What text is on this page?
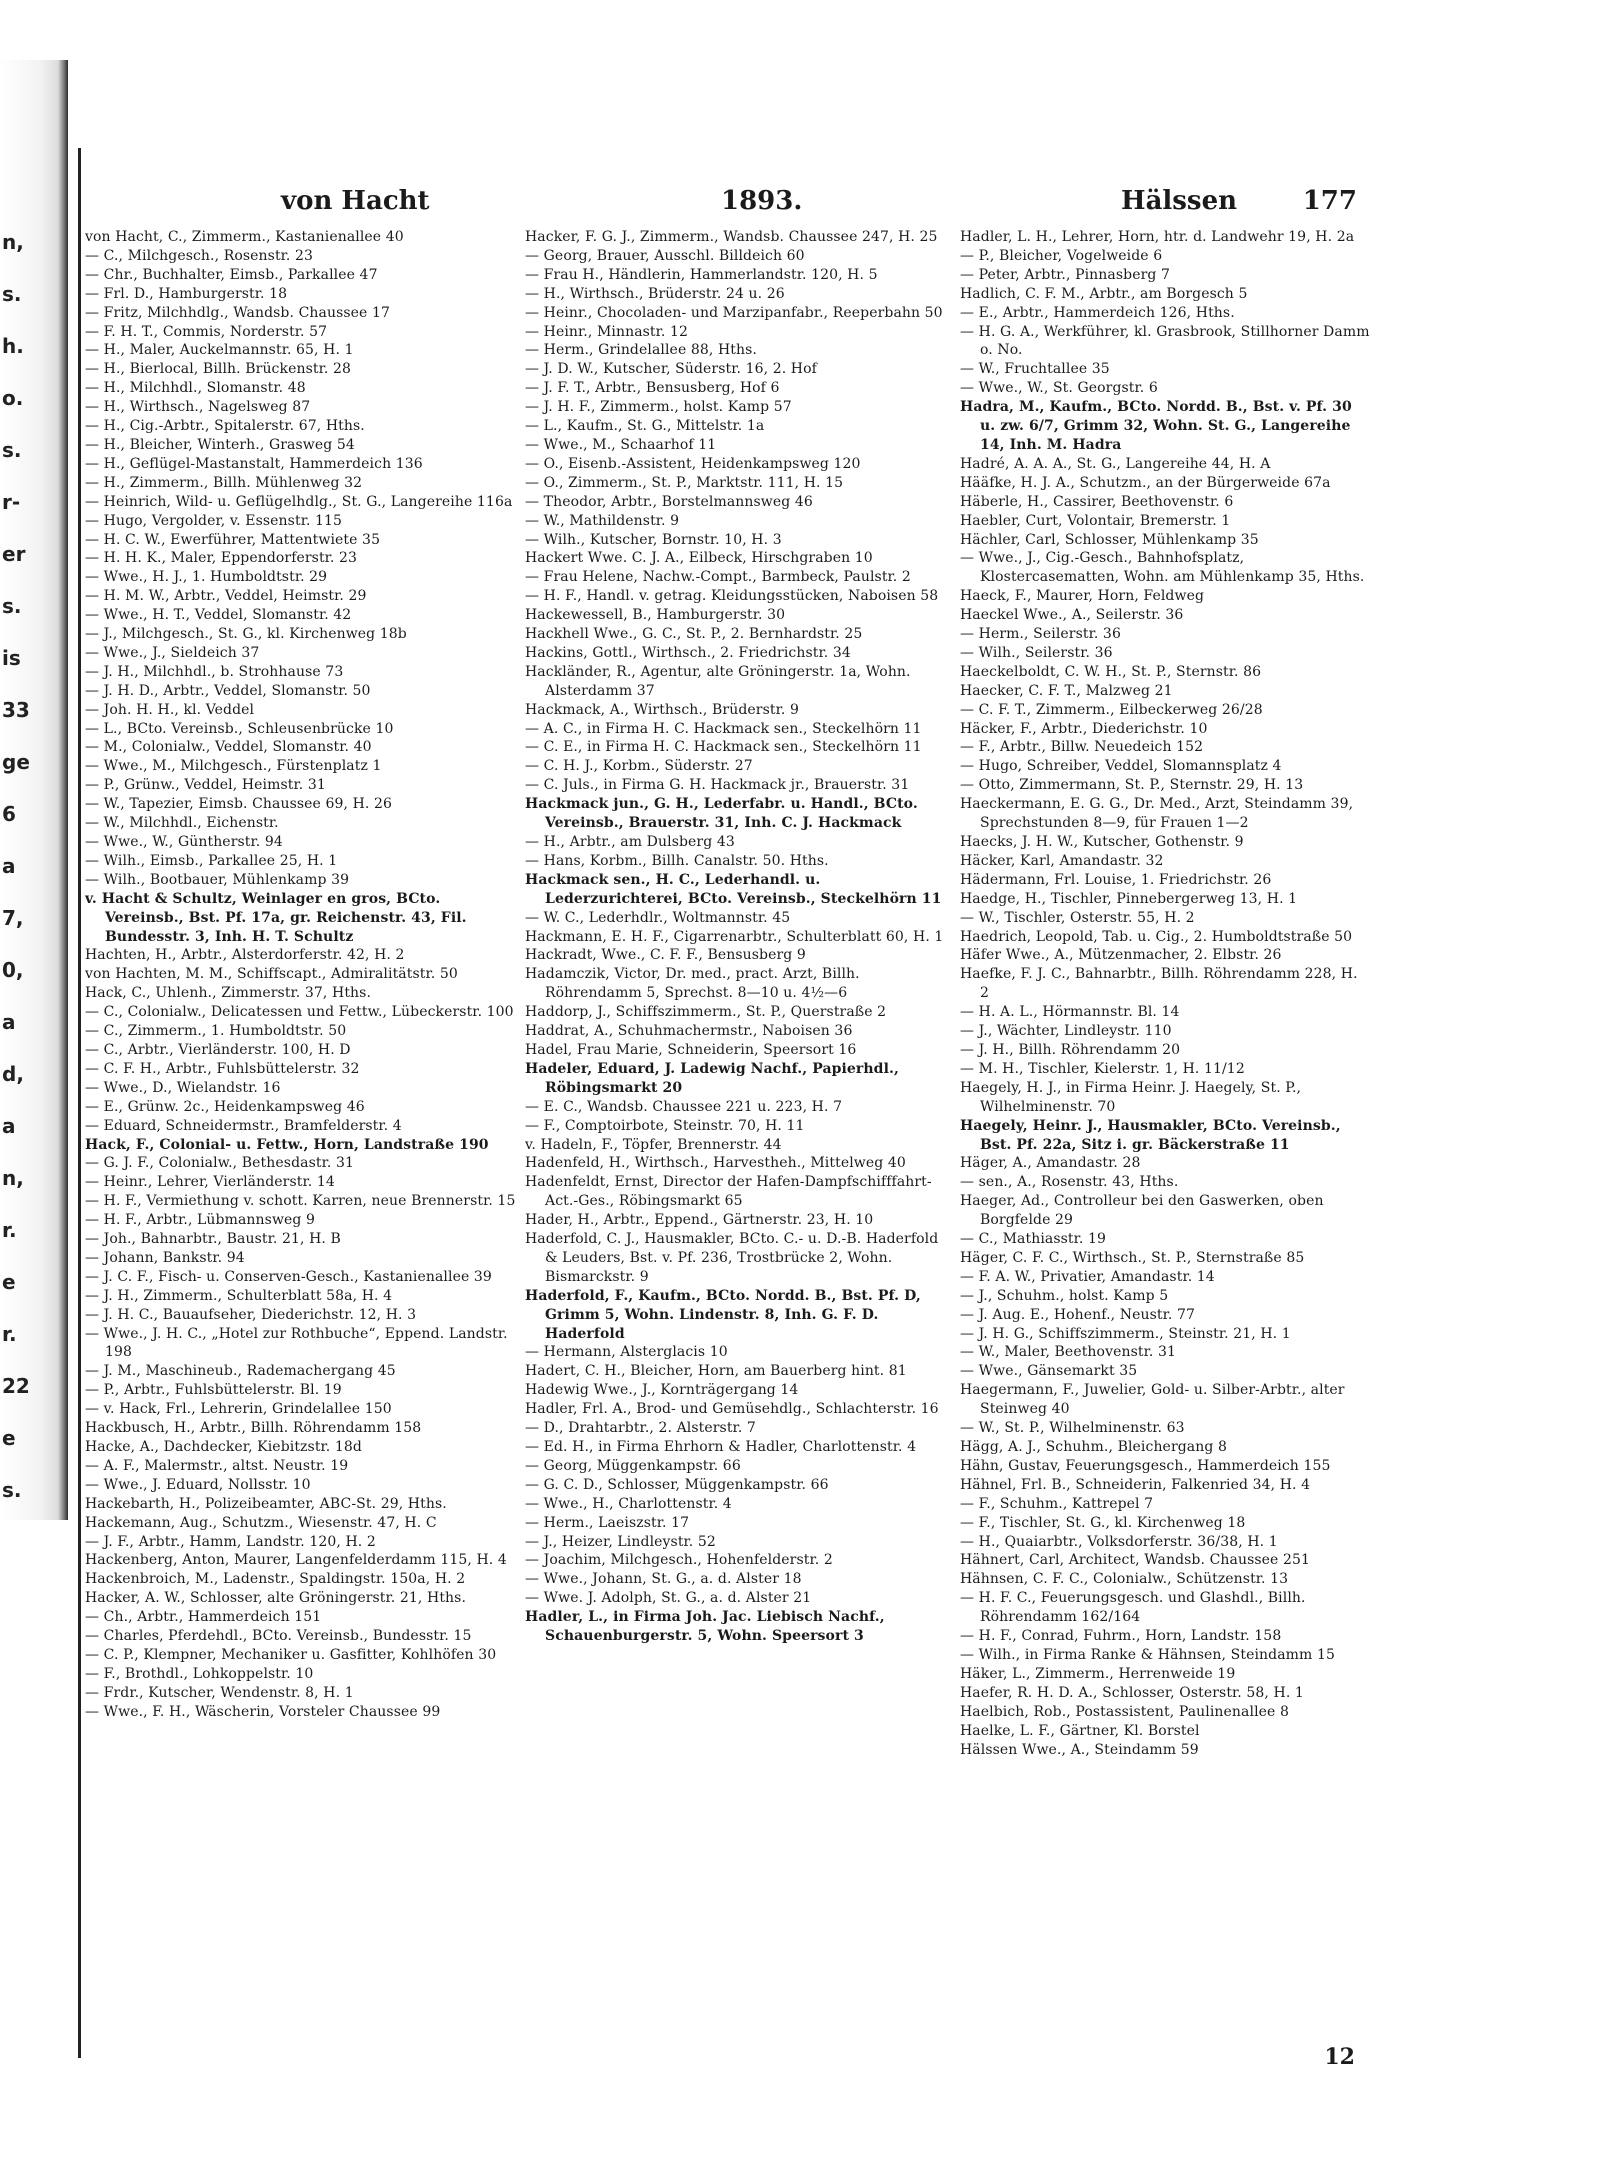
n,
s.
h.
o.
s.
r-
er
s.
is
33
ge
6
a
7,
0,
a
d,
a
n,
r.
e
r.
22
e
s.
von Hacht	1893.	Hälssen	177
von Hacht, C., Zimmerm., Kastanienallee 40
— C., Milchgesch., Rosenstr. 23
— Chr., Buchhalter, Eimsb., Parkallee 47
— Frl. D., Hamburgerstr. 18
— Fritz, Milchhdlg., Wandsb. Chaussee 17
— F. H. T., Commis, Norderstr. 57
— H., Maler, Auckelmannstr. 65, H. 1
— H., Bierlocal, Billh. Brückenstr. 28
— H., Milchhdl., Slomanstr. 48
— H., Wirthsch., Nagelsweg 87
— H., Cig.-Arbtr., Spitalerstr. 67, Hths.
— H., Bleicher, Winterh., Grasweg 54
— H., Geflügel-Mastanstalt, Hammerdeich 136
— H., Zimmerm., Billh. Mühlenweg 32
— Heinrich, Wild- u. Geflügelhdlg., St. G., Langereihe 116a
— Hugo, Vergolder, v. Essenstr. 115
— H. C. W., Ewerführer, Mattentwiete 35
— H. H. K., Maler, Eppendorferstr. 23
— Wwe., H. J., 1. Humboldtstr. 29
— H. M. W., Arbtr., Veddel, Heimstr. 29
— Wwe., H. T., Veddel, Slomanstr. 42
— J., Milchgesch., St. G., kl. Kirchenweg 18b
— Wwe., J., Sieldeich 37
— J. H., Milchhdl., b. Strohhause 73
— J. H. D., Arbtr., Veddel, Slomanstr. 50
— Joh. H. H., kl. Veddel
— L., BCto. Vereinsb., Schleusenbrücke 10
— M., Colonialw., Veddel, Slomanstr. 40
— Wwe., M., Milchgesch., Fürstenplatz 1
— P., Grünw., Veddel, Heimstr. 31
— W., Tapezier, Eimsb. Chaussee 69, H. 26
— W., Milchhdl., Eichenstr.
— Wwe., W., Güntherstr. 94
— Wilh., Eimsb., Parkallee 25, H. 1
— Wilh., Bootbauer, Mühlenkamp 39
v. Hacht & Schultz, Weinlager en gros, BCto. Vereinsb., Bst. Pf. 17a, gr. Reichenstr. 43, Fil. Bundesstr. 3, Inh. H. T. Schultz
Hachten, H., Arbtr., Alsterdorferstr. 42, H. 2
von Hachten, M. M., Schiffscapt., Admiralitätstr. 50
Hack, C., Uhlenh., Zimmerstr. 37, Hths.
— C., Colonialw., Delicatessen und Fettw., Lübeckerstr. 100
— C., Zimmerm., 1. Humboldtstr. 50
— C., Arbtr., Vierländerstr. 100, H. D
— C. F. H., Arbtr., Fuhlsbüttelerstr. 32
— Wwe., D., Wielandstr. 16
— E., Grünw. 2c., Heidenkampsweg 46
— Eduard, Schneidermstr., Bramfelderstr. 4
Hack, F., Colonial- u. Fettw., Horn, Landstraße 190
— G. J. F., Colonialw., Bethesdastr. 31
— Heinr., Lehrer, Vierländerstr. 14
— H. F., Vermiethung v. schott. Karren, neue Brennerstr. 15
— H. F., Arbtr., Lübmannsweg 9
— Joh., Bahnarbtr., Baustr. 21, H. B
— Johann, Bankstr. 94
— J. C. F., Fisch- u. Conserven-Gesch., Kastanienallee 39
— J. H., Zimmerm., Schulterblatt 58a, H. 4
— J. H. C., Bauaufseher, Diederichstr. 12, H. 3
— Wwe., J. H. C., „Hotel zur Rothbuche“, Eppend. Landstr. 198
— J. M., Maschineub., Rademachergang 45
— P., Arbtr., Fuhlsbüttelerstr. Bl. 19
— v. Hack, Frl., Lehrerin, Grindelallee 150
Hackbusch, H., Arbtr., Billh. Röhrendamm 158
Hacke, A., Dachdecker, Kiebitzstr. 18d
— A. F., Malermstr., altst. Neustr. 19
— Wwe., J. Eduard, Nollsstr. 10
Hackebarth, H., Polizeibeamter, ABC-St. 29, Hths.
Hackemann, Aug., Schutzm., Wiesenstr. 47, H. C
— J. F., Arbtr., Hamm, Landstr. 120, H. 2
Hackenberg, Anton, Maurer, Langenfelderdamm 115, H. 4
Hackenbroich, M., Ladenstr., Spaldingstr. 150a, H. 2
Hacker, A. W., Schlosser, alte Gröningerstr. 21, Hths.
— Ch., Arbtr., Hammerdeich 151
— Charles, Pferdehdl., BCto. Vereinsb., Bundesstr. 15
— C. P., Klempner, Mechaniker u. Gasfitter, Kohlhöfen 30
— F., Brothdl., Lohkoppelstr. 10
— Frdr., Kutscher, Wendenstr. 8, H. 1
— Wwe., F. H., Wäscherin, Vorsteler Chaussee 99
Hacker, F. G. J., Zimmerm., Wandsb. Chaussee 247, H. 25
— Georg, Brauer, Ausschl. Billdeich 60
— Frau H., Händlerin, Hammerlandstr. 120, H. 5
— H., Wirthsch., Brüderstr. 24 u. 26
— Heinr., Chocoladen- und Marzipanfabr., Reeperbahn 50
— Heinr., Minnastr. 12
— Herm., Grindelallee 88, Hths.
— J. D. W., Kutscher, Süderstr. 16, 2. Hof
— J. F. T., Arbtr., Bensusberg, Hof 6
— J. H. F., Zimmerm., holst. Kamp 57
— L., Kaufm., St. G., Mittelstr. 1a
— Wwe., M., Schaarhof 11
— O., Eisenb.-Assistent, Heidenkampsweg 120
— O., Zimmerm., St. P., Marktstr. 111, H. 15
— Theodor, Arbtr., Borstelmannsweg 46
— W., Mathildenstr. 9
— Wilh., Kutscher, Bornstr. 10, H. 3
Hackert Wwe. C. J. A., Eilbeck, Hirschgraben 10
— Frau Helene, Nachw.-Compt., Barmbeck, Paulstr. 2
— H. F., Handl. v. getrag. Kleidungsstücken, Naboisen 58
Hackewessell, B., Hamburgerstr. 30
Hackhell Wwe., G. C., St. P., 2. Bernhardstr. 25
Hackins, Gottl., Wirthsch., 2. Friedrichstr. 34
Hackländer, R., Agentur, alte Gröningerstr. 1a, Wohn. Alsterdamm 37
Hackmack, A., Wirthsch., Brüderstr. 9
— A. C., in Firma H. C. Hackmack sen., Steckelhörn 11
— C. E., in Firma H. C. Hackmack sen., Steckelhörn 11
— C. H. J., Korbm., Süderstr. 27
— C. Juls., in Firma G. H. Hackmack jr., Brauerstr. 31
Hackmack jun., G. H., Lederfabr. u. Handl., BCto. Vereinsb., Brauerstr. 31, Inh. C. J. Hackmack
— H., Arbtr., am Dulsberg 43
— Hans, Korbm., Billh. Canalstr. 50. Hths.
Hackmack sen., H. C., Lederhandl. u. Lederzurichterei, BCto. Vereinsb., Steckelhörn 11
— W. C., Lederhdlr., Woltmannstr. 45
Hackmann, E. H. F., Cigarrenarbtr., Schulterblatt 60, H. 1
Hackradt, Wwe., C. F. F., Bensusberg 9
Hadamczik, Victor, Dr. med., pract. Arzt, Billh. Röhrendamm 5, Sprechst. 8—10 u. 4½—6
Haddorp, J., Schiffszimmerm., St. P., Querstraße 2
Haddrat, A., Schuhmachermstr., Naboisen 36
Hadel, Frau Marie, Schneiderin, Speersort 16
Hadeler, Eduard, J. Ladewig Nachf., Papierhdl., Röbingsmarkt 20
— E. C., Wandsb. Chaussee 221 u. 223, H. 7
— F., Comptoirbote, Steinstr. 70, H. 11
v. Hadeln, F., Töpfer, Brennerstr. 44
Hadenfeld, H., Wirthsch., Harvestheh., Mittelweg 40
Hadenfeldt, Ernst, Director der Hafen-Dampfschifffahrt-Act.-Ges., Röbingsmarkt 65
Hader, H., Arbtr., Eppend., Gärtnerstr. 23, H. 10
Haderfold, C. J., Hausmakler, BCto. C.- u. D.-B. Haderfold & Leuders, Bst. v. Pf. 236, Trostbrücke 2, Wohn. Bismarckstr. 9
Haderfold, F., Kaufm., BCto. Nordd. B., Bst. Pf. D, Grimm 5, Wohn. Lindenstr. 8, Inh. G. F. D. Haderfold
— Hermann, Alsterglacis 10
Hadert, C. H., Bleicher, Horn, am Bauerberg hint. 81
Hadewig Wwe., J., Kornträgergang 14
Hadler, Frl. A., Brod- und Gemüsehdlg., Schlachterstr. 16
— D., Drahtarbtr., 2. Alsterstr. 7
— Ed. H., in Firma Ehrhorn & Hadler, Charlottenstr. 4
— Georg, Müggenkampstr. 66
— G. C. D., Schlosser, Müggenkampstr. 66
— Wwe., H., Charlottenstr. 4
— Herm., Laeiszstr. 17
— J., Heizer, Lindleystr. 52
— Joachim, Milchgesch., Hohenfelderstr. 2
— Wwe., Johann, St. G., a. d. Alster 18
— Wwe. J. Adolph, St. G., a. d. Alster 21
Hadler, L., in Firma Joh. Jac. Liebisch Nachf., Schauenburgerstr. 5, Wohn. Speersort 3
Hadler, L. H., Lehrer, Horn, htr. d. Landwehr 19, H. 2a
— P., Bleicher, Vogelweide 6
— Peter, Arbtr., Pinnasberg 7
Hadlich, C. F. M., Arbtr., am Borgesch 5
— E., Arbtr., Hammerdeich 126, Hths.
— H. G. A., Werkführer, kl. Grasbrook, Stillhorner Damm o. No.
— W., Fruchtallee 35
— Wwe., W., St. Georgstr. 6
Hadra, M., Kaufm., BCto. Nordd. B., Bst. v. Pf. 30 u. zw. 6/7, Grimm 32, Wohn. St. G., Langereihe 14, Inh. M. Hadra
Hadré, A. A. A., St. G., Langereihe 44, H. A
Hääfke, H. J. A., Schutzm., an der Bürgerweide 67a
Häberle, H., Cassirer, Beethovenstr. 6
Haebler, Curt, Volontair, Bremerstr. 1
Hächler, Carl, Schlosser, Mühlenkamp 35
— Wwe., J., Cig.-Gesch., Bahnhofsplatz, Klostercasematten, Wohn. am Mühlenkamp 35, Hths.
Haeck, F., Maurer, Horn, Feldweg
Haeckel Wwe., A., Seilerstr. 36
— Herm., Seilerstr. 36
— Wilh., Seilerstr. 36
Haeckelboldt, C. W. H., St. P., Sternstr. 86
Haecker, C. F. T., Malzweg 21
— C. F. T., Zimmerm., Eilbeckerweg 26/28
Häcker, F., Arbtr., Diederichstr. 10
— F., Arbtr., Billw. Neuedeich 152
— Hugo, Schreiber, Veddel, Slomannsplatz 4
— Otto, Zimmermann, St. P., Sternstr. 29, H. 13
Haeckermann, E. G. G., Dr. Med., Arzt, Steindamm 39, Sprechstunden 8—9, für Frauen 1—2
Haecks, J. H. W., Kutscher, Gothenstr. 9
Häcker, Karl, Amandastr. 32
Hädermann, Frl. Louise, 1. Friedrichstr. 26
Haedge, H., Tischler, Pinnebergerweg 13, H. 1
— W., Tischler, Osterstr. 55, H. 2
Haedrich, Leopold, Tab. u. Cig., 2. Humboldtstraße 50
Häfer Wwe., A., Mützenmacher, 2. Elbstr. 26
Haefke, F. J. C., Bahnarbtr., Billh. Röhrendamm 228, H. 2
— H. A. L., Hörmannstr. Bl. 14
— J., Wächter, Lindleystr. 110
— J. H., Billh. Röhrendamm 20
— M. H., Tischler, Kielerstr. 1, H. 11/12
Haegely, H. J., in Firma Heinr. J. Haegely, St. P., Wilhelminenstr. 70
Haegely, Heinr. J., Hausmakler, BCto. Vereinsb., Bst. Pf. 22a, Sitz i. gr. Bäckerstraße 11
Häger, A., Amandastr. 28
— sen., A., Rosenstr. 43, Hths.
Haeger, Ad., Controlleur bei den Gaswerken, oben Borgfelde 29
— C., Mathiasstr. 19
Häger, C. F. C., Wirthsch., St. P., Sternstraße 85
— F. A. W., Privatier, Amandastr. 14
— J., Schuhm., holst. Kamp 5
— J. Aug. E., Hohenf., Neustr. 77
— J. H. G., Schiffszimmerm., Steinstr. 21, H. 1
— W., Maler, Beethovenstr. 31
— Wwe., Gänsemarkt 35
Haegermann, F., Juwelier, Gold- u. Silber-Arbtr., alter Steinweg 40
— W., St. P., Wilhelminenstr. 63
Hägg, A. J., Schuhm., Bleichergang 8
Hähn, Gustav, Feuerungsgesch., Hammerdeich 155
Hähnel, Frl. B., Schneiderin, Falkenried 34, H. 4
— F., Schuhm., Kattrepel 7
— F., Tischler, St. G., kl. Kirchenweg 18
— H., Quaiarbtr., Volksdorferstr. 36/38, H. 1
Hähnert, Carl, Architect, Wandsb. Chaussee 251
Hähnsen, C. F. C., Colonialw., Schützenstr. 13
— H. F. C., Feuerungsgesch. und Glashdl., Billh. Röhrendamm 162/164
— H. F., Conrad, Fuhrm., Horn, Landstr. 158
— Wilh., in Firma Ranke & Hähnsen, Steindamm 15
Häker, L., Zimmerm., Herrenweide 19
Haefer, R. H. D. A., Schlosser, Osterstr. 58, H. 1
Haelbich, Rob., Postassistent, Paulinenallee 8
Haelke, L. F., Gärtner, Kl. Borstel
Hälssen Wwe., A., Steindamm 59
12
